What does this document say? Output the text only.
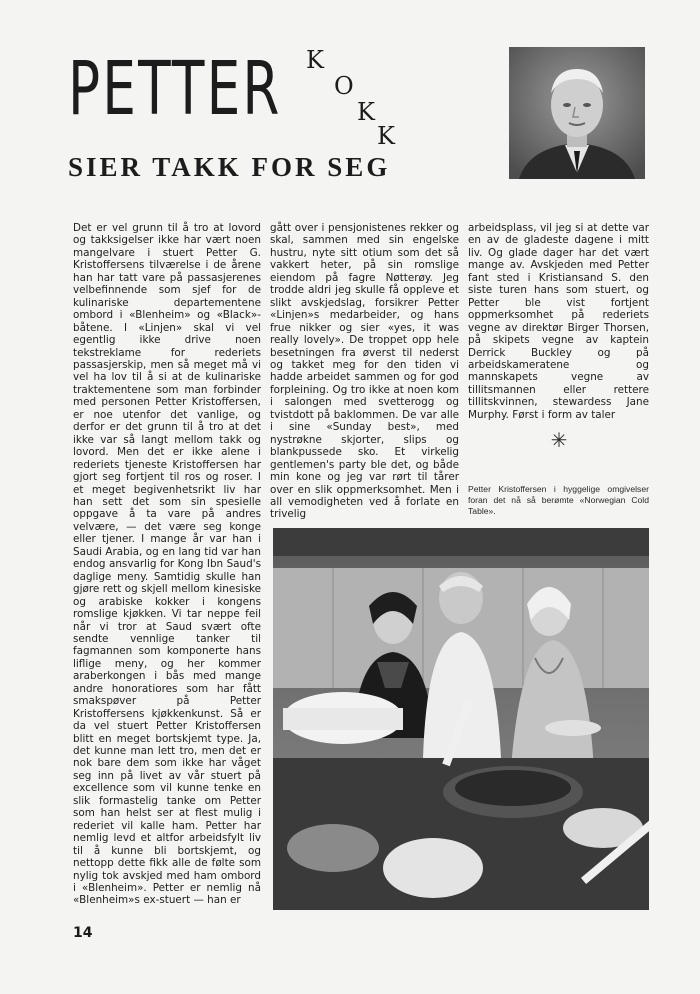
PETTER K
O
K
K
SIER TAKK FOR SEG

Det er vel grunn til å tro at lovord og takksigelser ikke har vært noen mangelvare i stuert Petter G. Kristoffersens tilværelse i de årene han har tatt vare på passasjerenes velbefinnende som sjef for de kulinariske departementene ombord i «Blenheim» og «Black»-båtene. I «Linjen» skal vi vel egentlig ikke drive noen tekstreklame for rederiets passasjerskip, men så meget må vi vel ha lov til å si at de kulinariske traktementene som man forbinder med personen Petter Kristoffersen, er noe utenfor det vanlige, og derfor er det grunn til å tro at det ikke var så langt mellom takk og lovord. Men det er ikke alene i rederiets tjeneste Kristoffersen har gjort seg fortjent til ros og roser. I et meget begivenhetsrikt liv har han sett det som sin spesielle oppgave å ta vare på andres velvære, — det være seg konge eller tjener. I mange år var han i Saudi Arabia, og en lang tid var han endog ansvarlig for Kong Ibn Saud's daglige meny. Samtidig skulle han gjøre rett og skjell mellom kinesiske og arabiske kokker i kongens romslige kjøkken. Vi tar neppe feil når vi tror at Saud svært ofte sendte vennlige tanker til fagmannen som komponerte hans liflige meny, og her kommer araberkongen i bås med mange andre honoratiores som har fått smakspøver på Petter Kristoffersens kjøkkenkunst. Så er da vel stuert Petter Kristoffersen blitt en meget bortskjemt type. Ja, det kunne man lett tro, men det er nok bare dem som ikke har våget seg inn på livet av vår stuert på excellence som vil kunne tenke en slik formastelig tanke om Petter som han helst ser at flest mulig i rederiet vil kalle ham. Petter har nemlig levd et altfor arbeidsfylt liv til å kunne bli bortskjemt, og nettopp dette fikk alle de følte som nylig tok avskjed med ham ombord i «Blenheim». Petter er nemlig nå «Blenheim»s ex-stuert — han er

gått over i pensjonistenes rekker og skal, sammen med sin engelske hustru, nyte sitt otium som det så vakkert heter, på sin romslige eiendom på fagre Nøtterøy. Jeg trodde aldri jeg skulle få oppleve et slikt avskjedslag, forsikrer Petter «Linjen»s medarbeider, og hans frue nikker og sier «yes, it was really lovely». De troppet opp hele besetningen fra øverst til nederst og takket meg for den tiden vi hadde arbeidet sammen og for god forpleining. Og tro ikke at noen kom i salongen med svetterogg og tvistdott på baklommen. De var alle i sine «Sunday best», med nystrøkne skjorter, slips og blankpussede sko. Et virkelig gentlemen's party ble det, og både min kone og jeg var rørt til tårer over en slik oppmerksomhet. Men i all vemodigheten ved å forlate en trivelig

arbeidsplass, vil jeg si at dette var en av de gladeste dagene i mitt liv. Og glade dager har det vært mange av. Avskjeden med Petter fant sted i Kristiansand S. den siste turen hans som stuert, og Petter ble vist fortjent oppmerksomhet på rederiets vegne av direktør Birger Thorsen, på skipets vegne av kaptein Derrick Buckley og på arbeidskameratene og mannskapets vegne av tillitsmannen eller rettere tillitskvinnen, stewardess Jane Murphy. Først i form av taler

✳
Petter Kristoffersen i hyggelige omgivelser foran det nå så berømte «Norwegian Cold Table».
14
